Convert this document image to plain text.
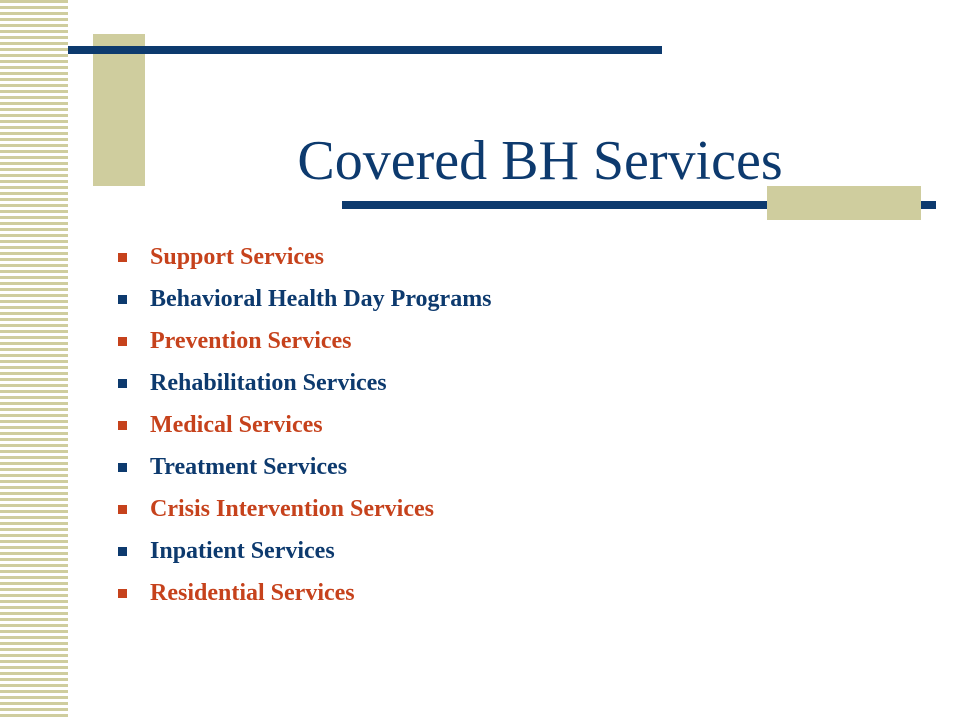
Covered BH Services
Support Services
Behavioral Health Day Programs
Prevention Services
Rehabilitation Services
Medical Services
Treatment Services
Crisis Intervention Services
Inpatient Services
Residential Services
